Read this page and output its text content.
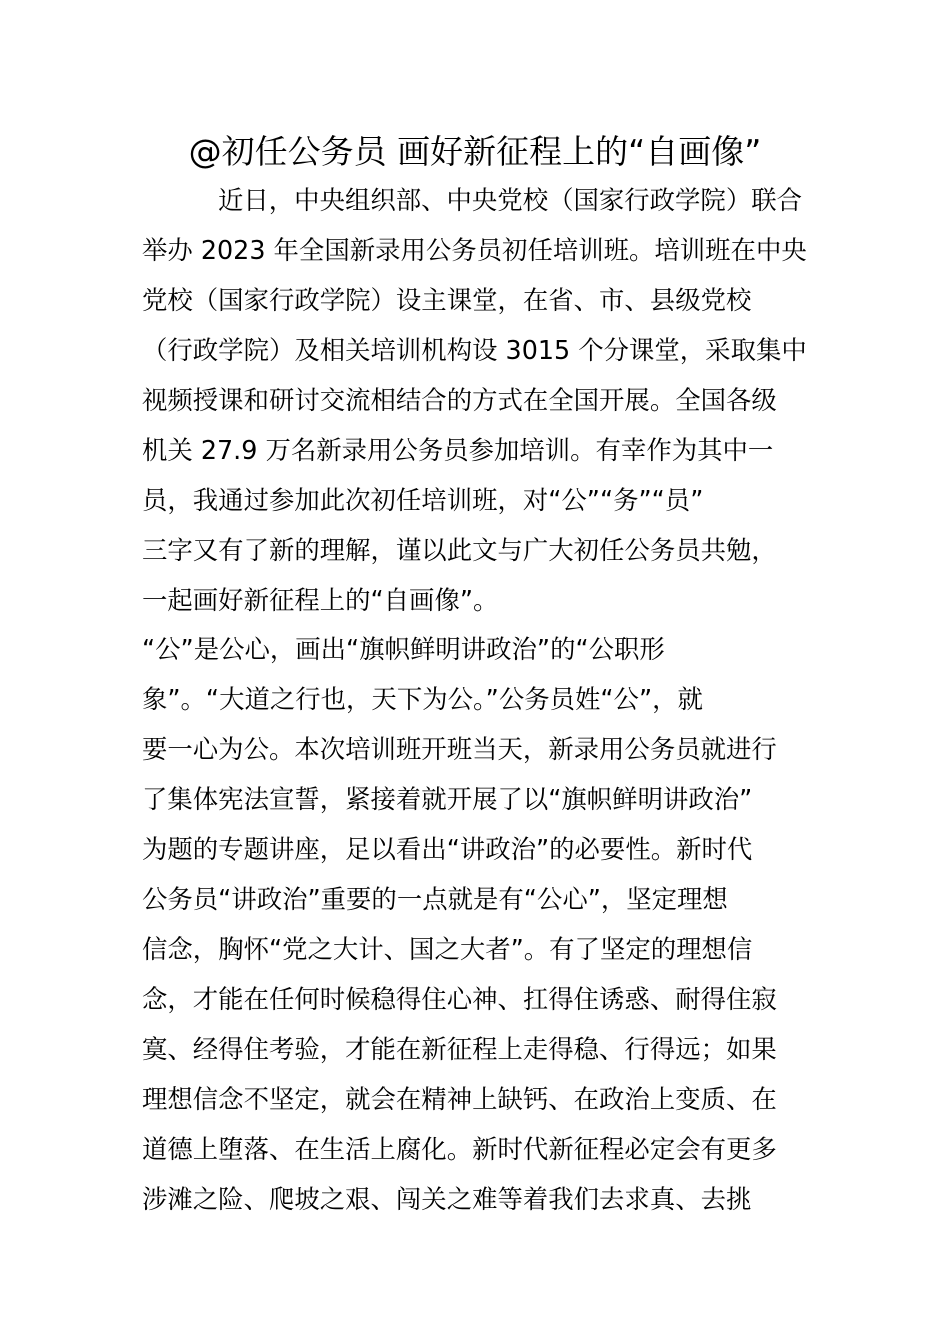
@初任公务员 画好新征程上的“自画像”
近日，中央组织部、中央党校（国家行政学院）联合
举办 2023 年全国新录用公务员初任培训班。培训班在中央
党校（国家行政学院）设主课堂，在省、市、县级党校
（行政学院）及相关培训机构设 3015 个分课堂，采取集中
视频授课和研讨交流相结合的方式在全国开展。全国各级
机关 27.9 万名新录用公务员参加培训。有幸作为其中一
员，我通过参加此次初任培训班，对“公”“务”“员”
三字又有了新的理解，谨以此文与广大初任公务员共勉，
一起画好新征程上的“自画像”。
“公”是公心，画出“旗帜鲜明讲政治”的“公职形
象”。“大道之行也，天下为公。”公务员姓“公”，就
要一心为公。本次培训班开班当天，新录用公务员就进行
了集体宪法宣誓，紧接着就开展了以“旗帜鲜明讲政治”
为题的专题讲座，足以看出“讲政治”的必要性。新时代
公务员“讲政治”重要的一点就是有“公心”，坚定理想
信念，胸怀“党之大计、国之大者”。有了坚定的理想信
念，才能在任何时候稳得住心神、扛得住诱惑、耐得住寂
寞、经得住考验，才能在新征程上走得稳、行得远；如果
理想信念不坚定，就会在精神上缺钙、在政治上变质、在
道德上堕落、在生活上腐化。新时代新征程必定会有更多
涉滩之险、爬坡之艰、闯关之难等着我们去求真、去挑
